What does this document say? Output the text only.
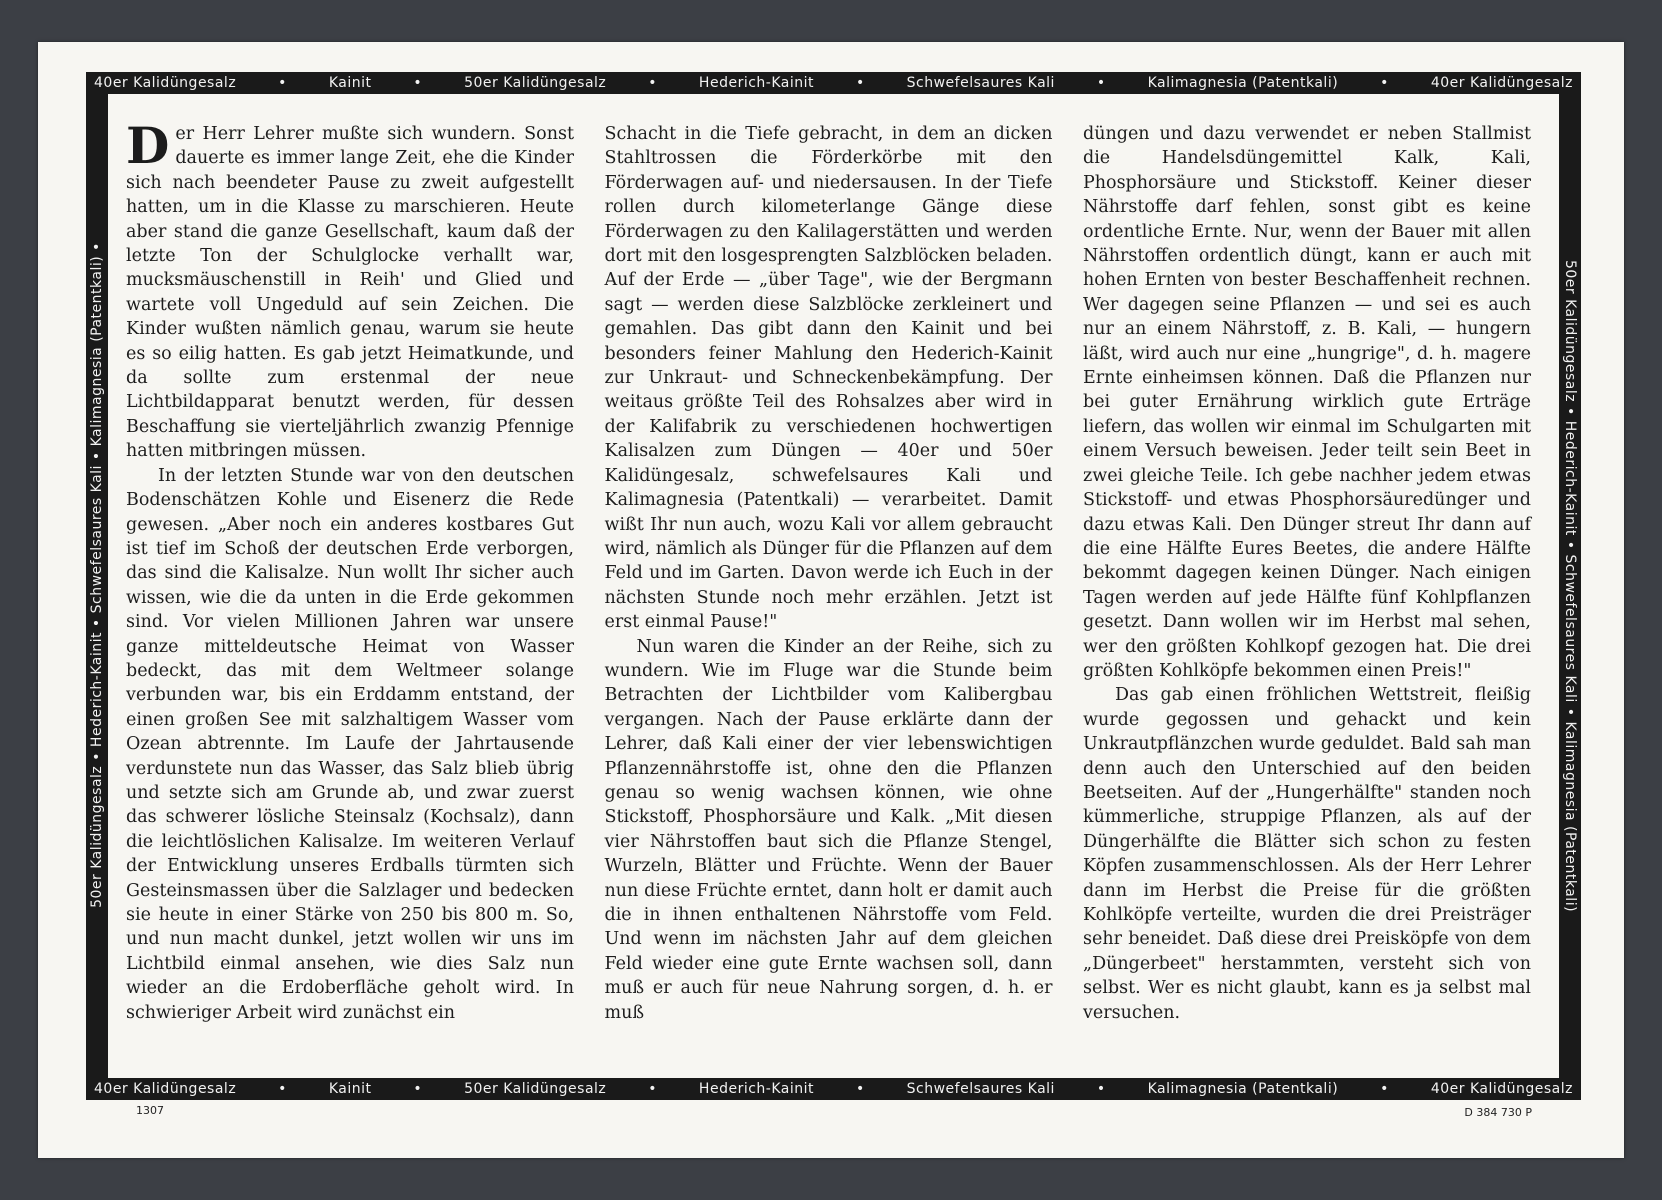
40er Kalidüngesalz	•	Kainit	•	50er Kalidüngesalz	•	Hederich-Kainit	•	Schwefelsaures Kali	•	Kalimagnesia (Patentkali)	•	40er Kalidüngesalz
40er Kalidüngesalz	•	Kainit	•	50er Kalidüngesalz	•	Hederich-Kainit	•	Schwefelsaures Kali	•	Kalimagnesia (Patentkali)	•	40er Kalidüngesalz
50er Kalidüngesalz • Hederich-Kainit • Schwefelsaures Kali • Kalimagnesia (Patentkali) •	50er Kalidüngesalz • Hederich-Kainit • Schwefelsaures Kali • Kalimagnesia (Patentkali)

Der Herr Lehrer mußte sich wundern. Sonst dauerte es immer lange Zeit, ehe die Kinder sich nach beendeter Pause zu zweit aufgestellt hatten, um in die Klasse zu marschieren. Heute aber stand die ganze Gesellschaft, kaum daß der letzte Ton der Schulglocke verhallt war, mucksmäuschenstill in Reih' und Glied und wartete voll Ungeduld auf sein Zeichen. Die Kinder wußten nämlich genau, warum sie heute es so eilig hatten. Es gab jetzt Heimatkunde, und da sollte zum erstenmal der neue Lichtbildapparat benutzt werden, für dessen Beschaffung sie vierteljährlich zwanzig Pfennige hatten mitbringen müssen.

In der letzten Stunde war von den deutschen Bodenschätzen Kohle und Eisenerz die Rede gewesen. „Aber noch ein anderes kostbares Gut ist tief im Schoß der deutschen Erde verborgen, das sind die Kalisalze. Nun wollt Ihr sicher auch wissen, wie die da unten in die Erde gekommen sind. Vor vielen Millionen Jahren war unsere ganze mitteldeutsche Heimat von Wasser bedeckt, das mit dem Weltmeer solange verbunden war, bis ein Erddamm entstand, der einen großen See mit salzhaltigem Wasser vom Ozean abtrennte. Im Laufe der Jahrtausende verdunstete nun das Wasser, das Salz blieb übrig und setzte sich am Grunde ab, und zwar zuerst das schwerer lösliche Steinsalz (Kochsalz), dann die leichtlöslichen Kalisalze. Im weiteren Verlauf der Entwicklung unseres Erdballs türmten sich Gesteinsmassen über die Salzlager und bedecken sie heute in einer Stärke von 250 bis 800 m. So, und nun macht dunkel, jetzt wollen wir uns im Lichtbild einmal ansehen, wie dies Salz nun wieder an die Erdoberfläche geholt wird. In schwieriger Arbeit wird zunächst ein

Schacht in die Tiefe gebracht, in dem an dicken Stahltrossen die Förderkörbe mit den Förderwagen auf- und niedersausen. In der Tiefe rollen durch kilometerlange Gänge diese Förderwagen zu den Kalilagerstätten und werden dort mit den losgesprengten Salzblöcken beladen. Auf der Erde — „über Tage", wie der Bergmann sagt — werden diese Salzblöcke zerkleinert und gemahlen. Das gibt dann den Kainit und bei besonders feiner Mahlung den Hederich-Kainit zur Unkraut- und Schneckenbekämpfung. Der weitaus größte Teil des Rohsalzes aber wird in der Kalifabrik zu verschiedenen hochwertigen Kalisalzen zum Düngen — 40er und 50er Kalidüngesalz, schwefelsaures Kali und Kalimagnesia (Patentkali) — verarbeitet. Damit wißt Ihr nun auch, wozu Kali vor allem gebraucht wird, nämlich als Dünger für die Pflanzen auf dem Feld und im Garten. Davon werde ich Euch in der nächsten Stunde noch mehr erzählen. Jetzt ist erst einmal Pause!"

Nun waren die Kinder an der Reihe, sich zu wundern. Wie im Fluge war die Stunde beim Betrachten der Lichtbilder vom Kalibergbau vergangen. Nach der Pause erklärte dann der Lehrer, daß Kali einer der vier lebenswichtigen Pflanzennährstoffe ist, ohne den die Pflanzen genau so wenig wachsen können, wie ohne Stickstoff, Phosphorsäure und Kalk. „Mit diesen vier Nährstoffen baut sich die Pflanze Stengel, Wurzeln, Blätter und Früchte. Wenn der Bauer nun diese Früchte erntet, dann holt er damit auch die in ihnen enthaltenen Nährstoffe vom Feld. Und wenn im nächsten Jahr auf dem gleichen Feld wieder eine gute Ernte wachsen soll, dann muß er auch für neue Nahrung sorgen, d. h. er muß

düngen und dazu verwendet er neben Stallmist die Handelsdüngemittel Kalk, Kali, Phosphorsäure und Stickstoff. Keiner dieser Nährstoffe darf fehlen, sonst gibt es keine ordentliche Ernte. Nur, wenn der Bauer mit allen Nährstoffen ordentlich düngt, kann er auch mit hohen Ernten von bester Beschaffenheit rechnen. Wer dagegen seine Pflanzen — und sei es auch nur an einem Nährstoff, z. B. Kali, — hungern läßt, wird auch nur eine „hungrige", d. h. magere Ernte einheimsen können. Daß die Pflanzen nur bei guter Ernährung wirklich gute Erträge liefern, das wollen wir einmal im Schulgarten mit einem Versuch beweisen. Jeder teilt sein Beet in zwei gleiche Teile. Ich gebe nachher jedem etwas Stickstoff- und etwas Phosphorsäuredünger und dazu etwas Kali. Den Dünger streut Ihr dann auf die eine Hälfte Eures Beetes, die andere Hälfte bekommt dagegen keinen Dünger. Nach einigen Tagen werden auf jede Hälfte fünf Kohlpflanzen gesetzt. Dann wollen wir im Herbst mal sehen, wer den größten Kohlkopf gezogen hat. Die drei größten Kohlköpfe bekommen einen Preis!"

Das gab einen fröhlichen Wettstreit, fleißig wurde gegossen und gehackt und kein Unkrautpflänzchen wurde geduldet. Bald sah man denn auch den Unterschied auf den beiden Beetseiten. Auf der „Hungerhälfte" standen noch kümmerliche, struppige Pflanzen, als auf der Düngerhälfte die Blätter sich schon zu festen Köpfen zusammenschlossen. Als der Herr Lehrer dann im Herbst die Preise für die größten Kohlköpfe verteilte, wurden die drei Preisträger sehr beneidet. Daß diese drei Preisköpfe von dem „Düngerbeet" herstammten, versteht sich von selbst. Wer es nicht glaubt, kann es ja selbst mal versuchen.

1307	D 384 730 P
